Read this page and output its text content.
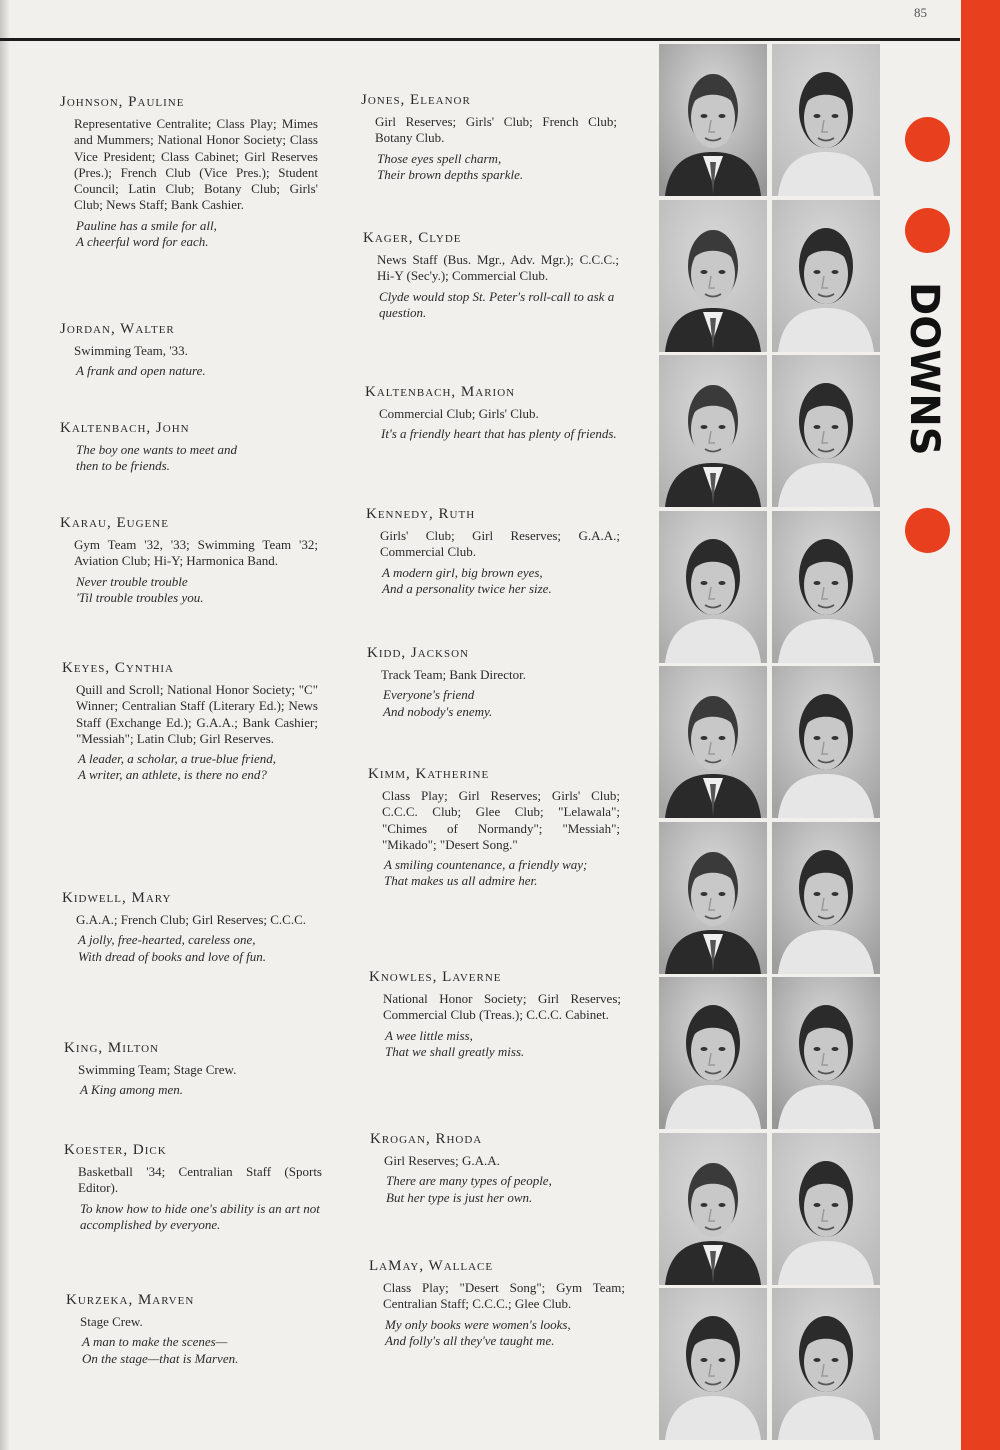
85
Johnson, Pauline
Representative Centralite; Class Play; Mimes and Mummers; National Honor Society; Class Vice President; Class Cabinet; Girl Reserves (Pres.); French Club (Vice Pres.); Student Council; Latin Club; Botany Club; Girls' Club; News Staff; Bank Cashier.
Pauline has a smile for all,
A cheerful word for each.
Jordan, Walter
Swimming Team, '33.
A frank and open nature.
Kaltenbach, John
The boy one wants to meet and
then to be friends.
Karau, Eugene
Gym Team '32, '33; Swimming Team '32; Aviation Club; Hi-Y; Harmonica Band.
Never trouble trouble
'Til trouble troubles you.
Keyes, Cynthia
Quill and Scroll; National Honor Society; "C" Winner; Centralian Staff (Literary Ed.); News Staff (Exchange Ed.); G.A.A.; Bank Cashier; "Messiah"; Latin Club; Girl Reserves.
A leader, a scholar, a true-blue friend,
A writer, an athlete, is there no end?
Kidwell, Mary
G.A.A.; French Club; Girl Reserves; C.C.C.
A jolly, free-hearted, careless one,
With dread of books and love of fun.
King, Milton
Swimming Team; Stage Crew.
A King among men.
Koester, Dick
Basketball '34; Centralian Staff (Sports Editor).
To know how to hide one's ability is an art not accomplished by everyone.
Kurzeka, Marven
Stage Crew.
A man to make the scenes—
On the stage—that is Marven.
Jones, Eleanor
Girl Reserves; Girls' Club; French Club; Botany Club.
Those eyes spell charm,
Their brown depths sparkle.
Kager, Clyde
News Staff (Bus. Mgr., Adv. Mgr.); C.C.C.; Hi-Y (Sec'y.); Commercial Club.
Clyde would stop St. Peter's roll-call to ask a question.
Kaltenbach, Marion
Commercial Club; Girls' Club.
It's a friendly heart that has plenty of friends.
Kennedy, Ruth
Girls' Club; Girl Reserves; G.A.A.; Commercial Club.
A modern girl, big brown eyes,
And a personality twice her size.
Kidd, Jackson
Track Team; Bank Director.
Everyone's friend
And nobody's enemy.
Kimm, Katherine
Class Play; Girl Reserves; Girls' Club; C.C.C. Club; Glee Club; "Lelawala"; "Chimes of Normandy"; "Messiah"; "Mikado"; "Desert Song."
A smiling countenance, a friendly way;
That makes us all admire her.
Knowles, Laverne
National Honor Society; Girl Reserves; Commercial Club (Treas.); C.C.C. Cabinet.
A wee little miss,
That we shall greatly miss.
Krogan, Rhoda
Girl Reserves; G.A.A.
There are many types of people,
But her type is just her own.
LaMay, Wallace
Class Play; "Desert Song"; Gym Team; Centralian Staff; C.C.C.; Glee Club.
My only books were women's looks,
And folly's all they've taught me.
DOWNS
